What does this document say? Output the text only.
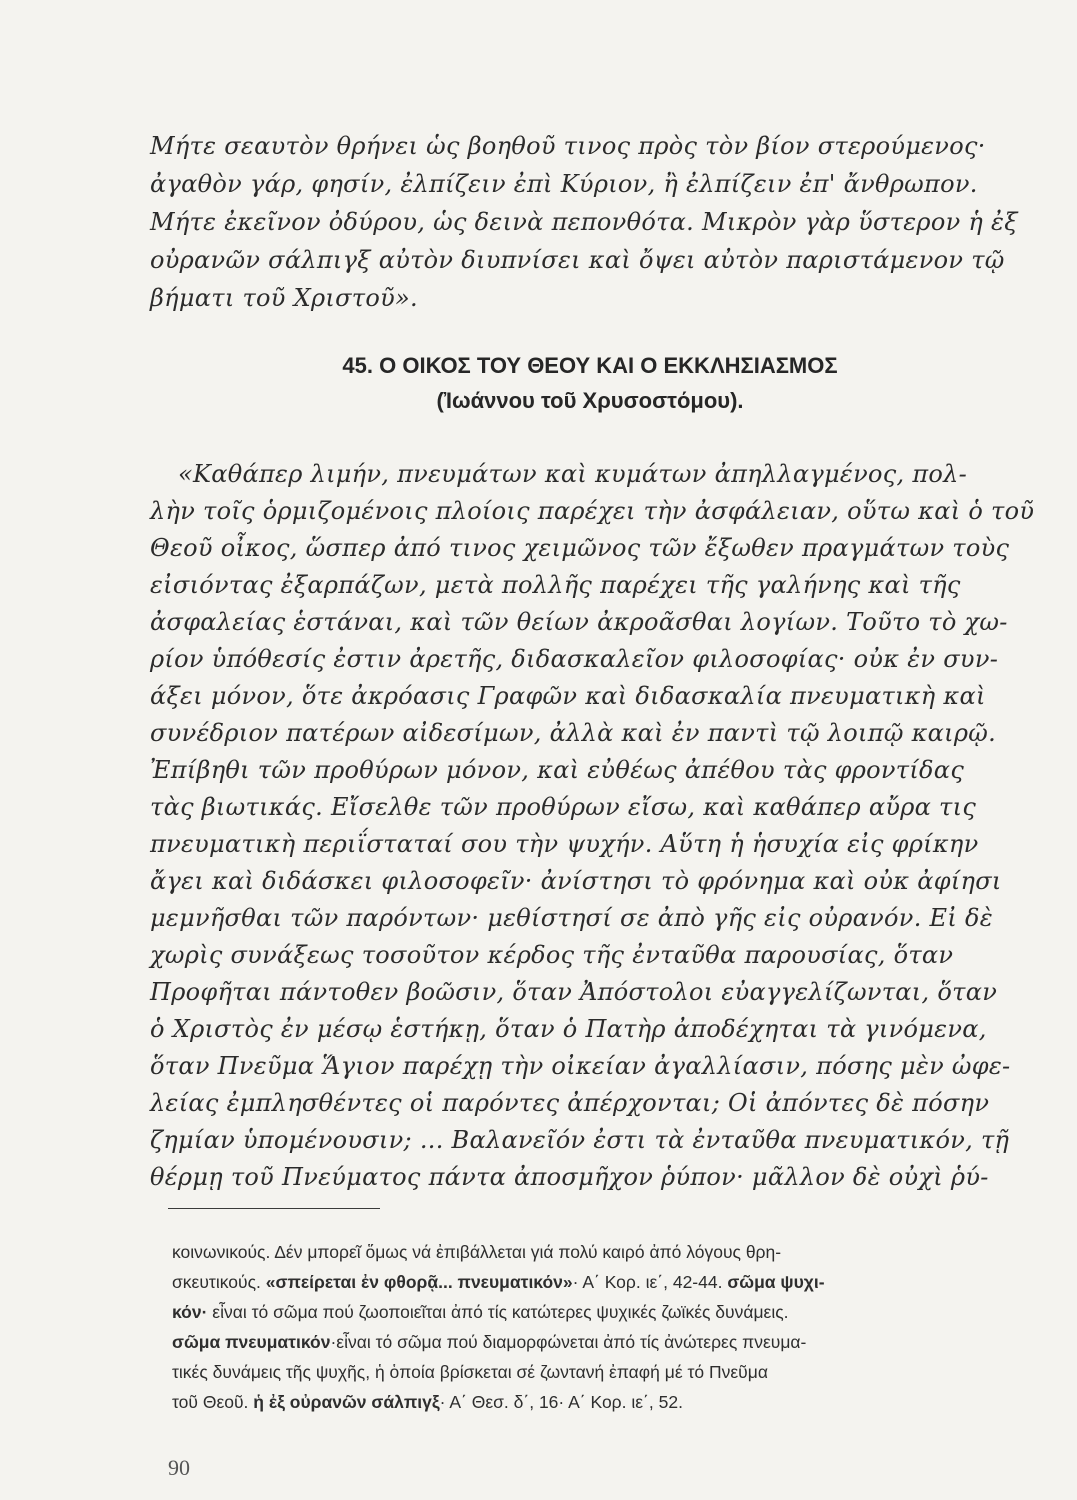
Μήτε σεαυτὸν θρήνει ὡς βοηθοῦ τινος πρὸς τὸν βίον στερούμενος·
ἀγαθὸν γάρ, φησίν, ἐλπίζειν ἐπὶ Κύριον, ἢ ἐλπίζειν ἐπ' ἄνθρωπον.
Μήτε ἐκεῖνον ὀδύρου, ὡς δεινὰ πεπονθότα. Μικρὸν γὰρ ὕστερον ἡ ἐξ
οὐρανῶν σάλπιγξ αὐτὸν διυπνίσει καὶ ὄψει αὐτὸν παριστάμενον τῷ
βήματι τοῦ Χριστοῦ».
45. Ο ΟΙΚΟΣ ΤΟΥ ΘΕΟΥ ΚΑΙ Ο ΕΚΚΛΗΣΙΑΣΜΟΣ
(Ἰωάννου τοῦ Χρυσοστόμου).
«Καθάπερ λιμήν, πνευμάτων καὶ κυμάτων ἀπηλλαγμένος, πολ-
λὴν τοῖς ὁρμιζομένοις πλοίοις παρέχει τὴν ἀσφάλειαν, οὕτω καὶ ὁ τοῦ
Θεοῦ οἶκος, ὥσπερ ἀπό τινος χειμῶνος τῶν ἔξωθεν πραγμάτων τοὺς
εἰσιόντας ἐξαρπάζων, μετὰ πολλῆς παρέχει τῆς γαλήνης καὶ τῆς
ἀσφαλείας ἑστάναι, καὶ τῶν θείων ἀκροᾶσθαι λογίων. Τοῦτο τὸ χω-
ρίον ὑπόθεσίς ἐστιν ἀρετῆς, διδασκαλεῖον φιλοσοφίας· οὐκ ἐν συν-
άξει μόνον, ὅτε ἀκρόασις Γραφῶν καὶ διδασκαλία πνευματικὴ καὶ
συνέδριον πατέρων αἰδεσίμων, ἀλλὰ καὶ ἐν παντὶ τῷ λοιπῷ καιρῷ.
Ἐπίβηθι τῶν προθύρων μόνον, καὶ εὐθέως ἀπέθου τὰς φροντίδας
τὰς βιωτικάς. Εἴσελθε τῶν προθύρων εἴσω, καὶ καθάπερ αὔρα τις
πνευματικὴ περιΐσταταί σου τὴν ψυχήν. Αὕτη ἡ ἡσυχία εἰς φρίκην
ἄγει καὶ διδάσκει φιλοσοφεῖν· ἀνίστησι τὸ φρόνημα καὶ οὐκ ἀφίησι
μεμνῆσθαι τῶν παρόντων· μεθίστησί σε ἀπὸ γῆς εἰς οὐρανόν. Εἰ δὲ
χωρὶς συνάξεως τοσοῦτον κέρδος τῆς ἐνταῦθα παρουσίας, ὅταν
Προφῆται πάντοθεν βοῶσιν, ὅταν Ἀπόστολοι εὐαγγελίζωνται, ὅταν
ὁ Χριστὸς ἐν μέσῳ ἑστήκῃ, ὅταν ὁ Πατὴρ ἀποδέχηται τὰ γινόμενα,
ὅταν Πνεῦμα Ἅγιον παρέχῃ τὴν οἰκείαν ἀγαλλίασιν, πόσης μὲν ὠφε-
λείας ἐμπλησθέντες οἱ παρόντες ἀπέρχονται; Οἱ ἀπόντες δὲ πόσην
ζημίαν ὑπομένουσιν; ... Βαλανεῖόν ἐστι τὰ ἐνταῦθα πνευματικόν, τῇ
θέρμῃ τοῦ Πνεύματος πάντα ἀποσμῆχον ῥύπον· μᾶλλον δὲ οὐχὶ ῥύ-
κοινωνικούς. Δέν μπορεῖ ὅμως νά ἐπιβάλλεται γιά πολύ καιρό ἀπό λόγους θρη-
σκευτικούς. «σπείρεται ἐν φθορᾷ... πνευματικόν»· Α΄ Κορ. ιε΄, 42-44. σῶμα ψυχι-
κόν· εἶναι τό σῶμα πού ζωοποιεῖται ἀπό τίς κατώτερες ψυχικές ζωϊκές δυνάμεις.
σῶμα πνευματικόν·εἶναι τό σῶμα πού διαμορφώνεται ἀπό τίς ἀνώτερες πνευμα-
τικές δυνάμεις τῆς ψυχῆς, ἡ ὁποία βρίσκεται σέ ζωντανή ἐπαφή μέ τό Πνεῦμα
τοῦ Θεοῦ. ἡ ἐξ οὐρανῶν σάλπιγξ· Α΄ Θεσ. δ΄, 16· Α΄ Κορ. ιε΄, 52.
90
